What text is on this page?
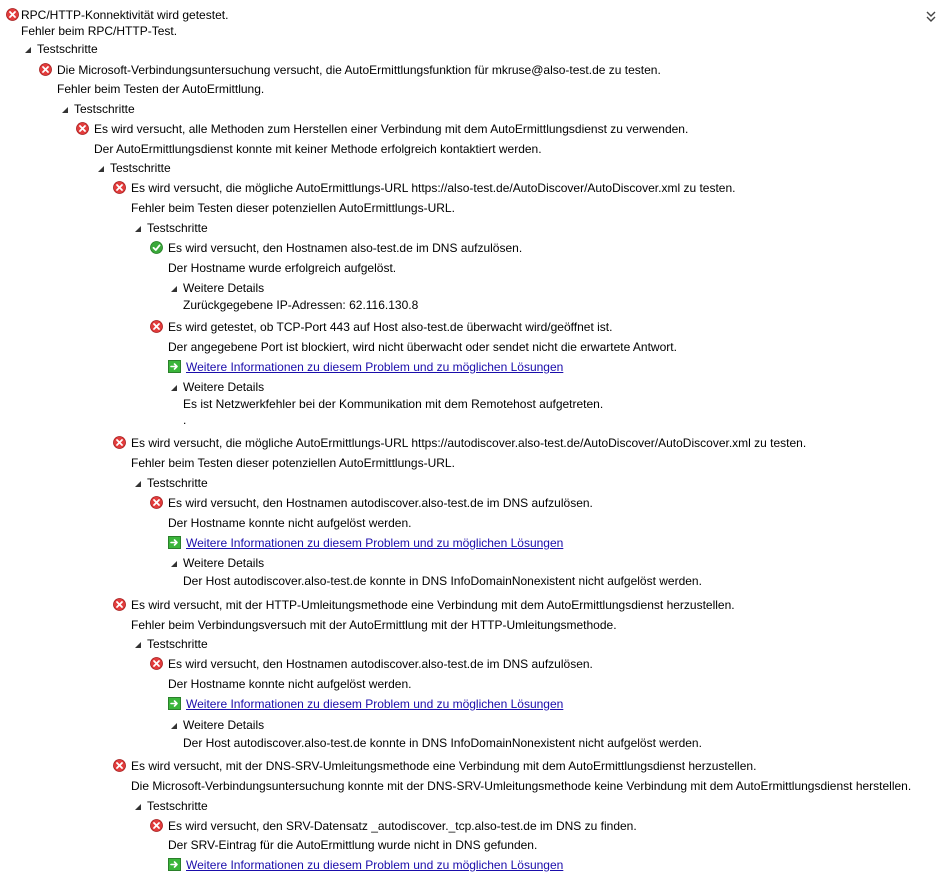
RPC/HTTP-Konnektivität wird getestet.
Fehler beim RPC/HTTP-Test.
Testschritte
Die Microsoft-Verbindungsuntersuchung versucht, die AutoErmittlungsfunktion für mkruse@also-test.de zu testen.
Fehler beim Testen der AutoErmittlung.
Testschritte
Es wird versucht, alle Methoden zum Herstellen einer Verbindung mit dem AutoErmittlungsdienst zu verwenden.
Der AutoErmittlungsdienst konnte mit keiner Methode erfolgreich kontaktiert werden.
Testschritte
Es wird versucht, die mögliche AutoErmittlungs-URL https://also-test.de/AutoDiscover/AutoDiscover.xml zu testen.
Fehler beim Testen dieser potenziellen AutoErmittlungs-URL.
Testschritte
Es wird versucht, den Hostnamen also-test.de im DNS aufzulösen.
Der Hostname wurde erfolgreich aufgelöst.
Weitere Details
Zurückgegebene IP-Adressen: 62.116.130.8
Es wird getestet, ob TCP-Port 443 auf Host also-test.de überwacht wird/geöffnet ist.
Der angegebene Port ist blockiert, wird nicht überwacht oder sendet nicht die erwartete Antwort.
Weitere Informationen zu diesem Problem und zu möglichen Lösungen
Weitere Details
Es ist Netzwerkfehler bei der Kommunikation mit dem Remotehost aufgetreten.
.
Es wird versucht, die mögliche AutoErmittlungs-URL https://autodiscover.also-test.de/AutoDiscover/AutoDiscover.xml zu testen.
Fehler beim Testen dieser potenziellen AutoErmittlungs-URL.
Testschritte
Es wird versucht, den Hostnamen autodiscover.also-test.de im DNS aufzulösen.
Der Hostname konnte nicht aufgelöst werden.
Weitere Informationen zu diesem Problem und zu möglichen Lösungen
Weitere Details
Der Host autodiscover.also-test.de konnte in DNS InfoDomainNonexistent nicht aufgelöst werden.
Es wird versucht, mit der HTTP-Umleitungsmethode eine Verbindung mit dem AutoErmittlungsdienst herzustellen.
Fehler beim Verbindungsversuch mit der AutoErmittlung mit der HTTP-Umleitungsmethode.
Testschritte
Es wird versucht, den Hostnamen autodiscover.also-test.de im DNS aufzulösen.
Der Hostname konnte nicht aufgelöst werden.
Weitere Informationen zu diesem Problem und zu möglichen Lösungen
Weitere Details
Der Host autodiscover.also-test.de konnte in DNS InfoDomainNonexistent nicht aufgelöst werden.
Es wird versucht, mit der DNS-SRV-Umleitungsmethode eine Verbindung mit dem AutoErmittlungsdienst herzustellen.
Die Microsoft-Verbindungsuntersuchung konnte mit der DNS-SRV-Umleitungsmethode keine Verbindung mit dem AutoErmittlungsdienst herstellen.
Testschritte
Es wird versucht, den SRV-Datensatz _autodiscover._tcp.also-test.de im DNS zu finden.
Der SRV-Eintrag für die AutoErmittlung wurde nicht in DNS gefunden.
Weitere Informationen zu diesem Problem und zu möglichen Lösungen
